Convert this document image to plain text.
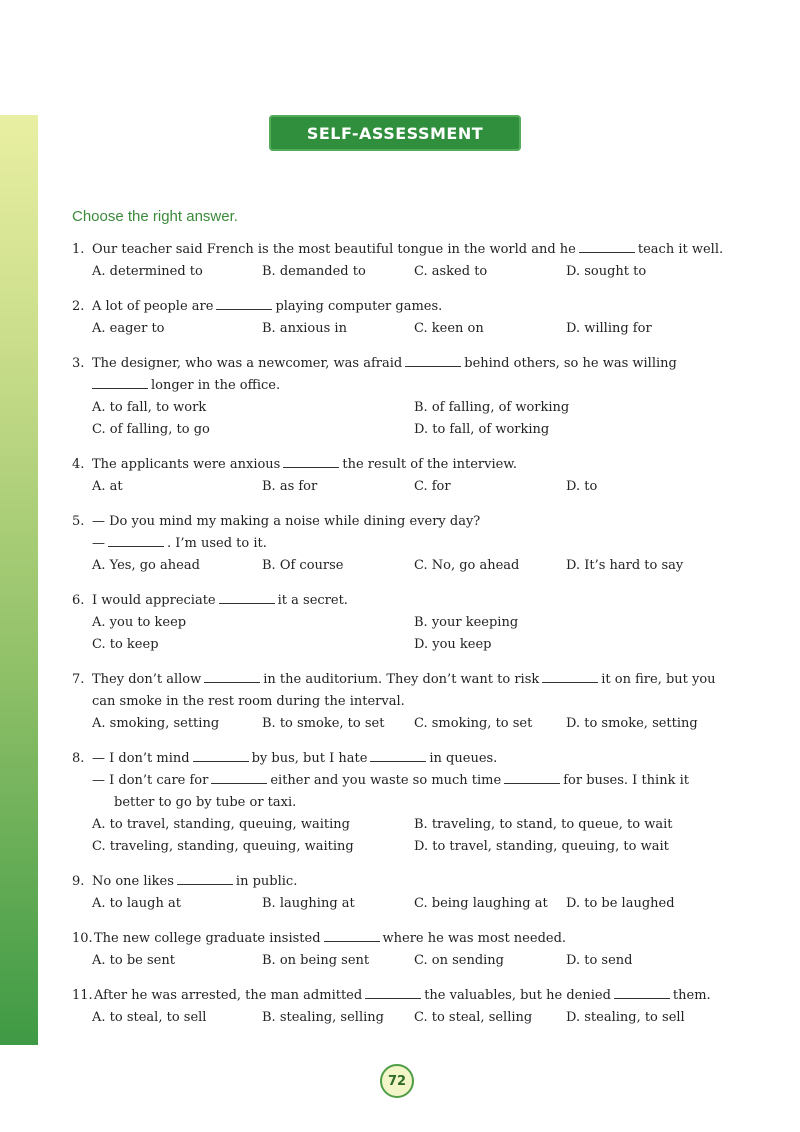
SELF-ASSESSMENT
Choose the right answer.
1. Our teacher said French is the most beautiful tongue in the world and he	teach it well.
A. determined to	B. demanded to	C. asked to	D. sought to
2. A lot of people are	playing computer games.
A. eager to	B. anxious in	C. keen on	D. willing for
3. The designer, who was a newcomer, was afraid	behind others, so he was willing
longer in the office.
A. to fall, to work	B. of falling, of working
C. of falling, to go	D. to fall, of working
4. The applicants were anxious	the result of the interview.
A. at	B. as for	C. for	D. to
5. — Do you mind my making a noise while dining every day?
—	. I’m used to it.
A. Yes, go ahead	B. Of course	C. No, go ahead	D. It’s hard to say
6. I would appreciate	it a secret.
A. you to keep	B. your keeping
C. to keep	D. you keep
7. They don’t allow	in the auditorium. They don’t want to risk	it on fire, but you
can smoke in the rest room during the interval.
A. smoking, setting	B. to smoke, to set	C. smoking, to set	D. to smoke, setting
8. — I don’t mind	by bus, but I hate	in queues.
— I don’t care for	either and you waste so much time	for buses. I think it
better to go by tube or taxi.
A. to travel, standing, queuing, waiting	B. traveling, to stand, to queue, to wait
C. traveling, standing, queuing, waiting	D. to travel, standing, queuing, to wait
9. No one likes	in public.
A. to laugh at	B. laughing at	C. being laughing at	D. to be laughed
10. The new college graduate insisted	where he was most needed.
A. to be sent	B. on being sent	C. on sending	D. to send
11. After he was arrested, the man admitted	the valuables, but he denied	them.
A. to steal, to sell	B. stealing, selling	C. to steal, selling	D. stealing, to sell
72
